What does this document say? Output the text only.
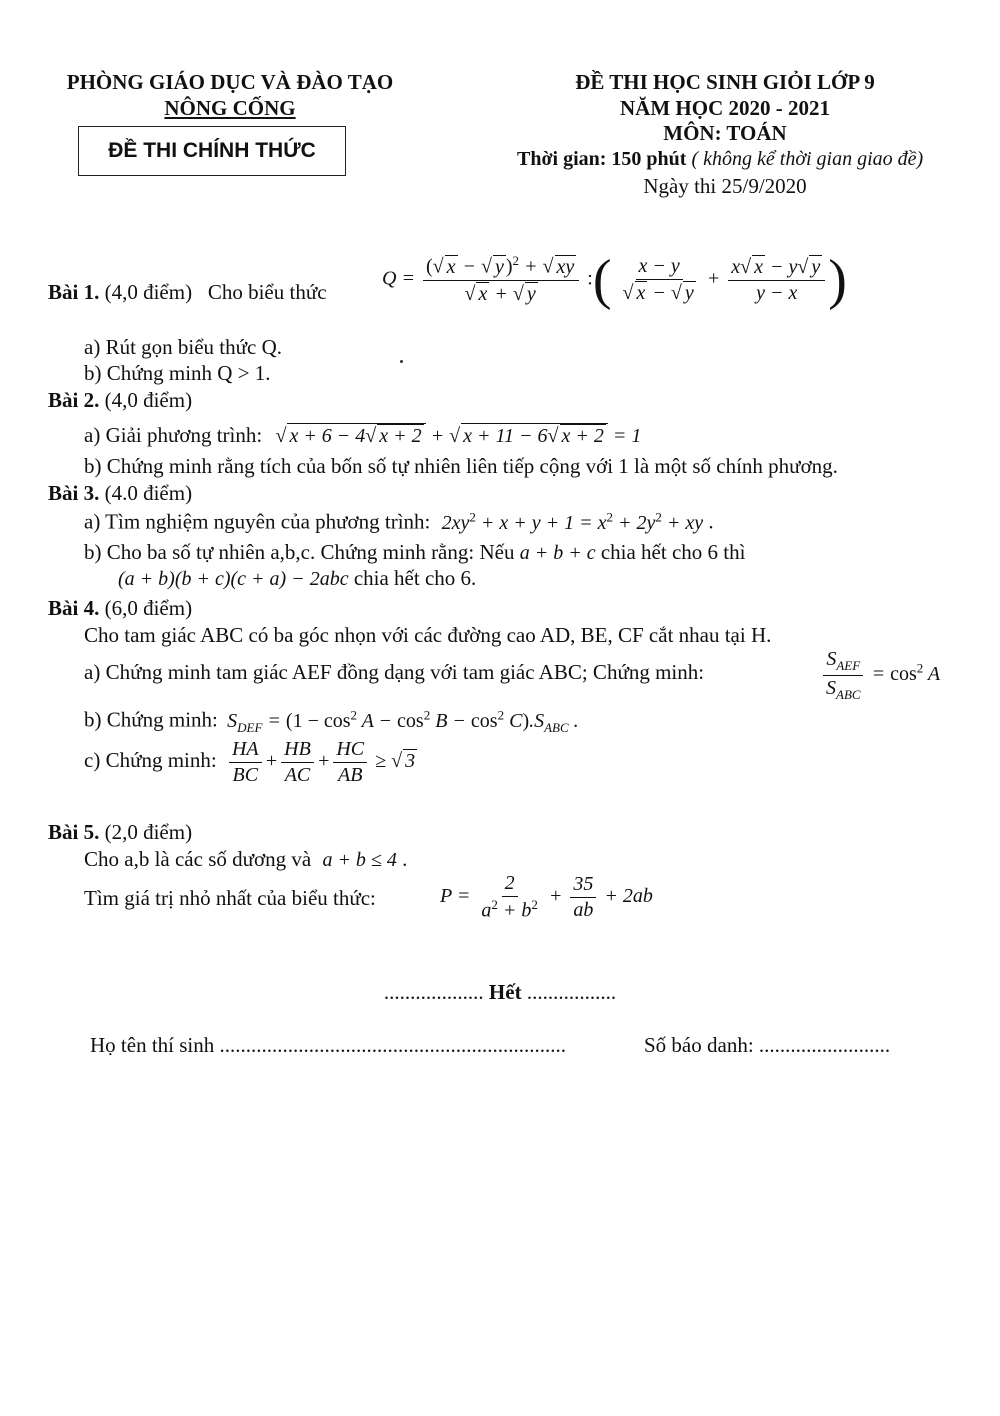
PHÒNG GIÁO DỤC VÀ ĐÀO TẠO
NÔNG CỐNG
ĐỀ THI CHÍNH THỨC
ĐỀ THI HỌC SINH GIỎI LỚP 9
NĂM HỌC 2020 - 2021
MÔN: TOÁN
Thời gian: 150 phút ( không kể thời gian giao đề)
Ngày thi 25/9/2020
Bài 1. (4,0 điểm) Cho biểu thức
$Q = \frac{(√ x - √ y )^2 + √ xy}{√ x + √ y}$ :( $\frac{x - y}{√ x - √ y} + \frac{x√ x - y√ y}{y - x}$ )
a) Rút gọn biểu thức Q.
b) Chứng minh Q > 1.
Bài 2. (4,0 điểm)
a) Giải phương trình: √ x + 6 − 4√ x + 2 + √ x + 11 − 6√ x + 2 = 1
b) Chứng minh rằng tích của bốn số tự nhiên liên tiếp cộng với 1 là một số chính phương.
Bài 3. (4.0 điểm)
a) Tìm nghiệm nguyên của phương trình: $2xy^2 + x + y + 1 = x^2 + 2y^2$ + xy .
b) Cho ba số tự nhiên a,b,c. Chứng minh rằng: Nếu a + b + c chia hết cho 6 thì
(a + b)(b + c)(c + a) − 2abc chia hết cho 6.
Bài 4. (6,0 điểm)
Cho tam giác ABC có ba góc nhọn với các đường cao AD, BE, CF cắt nhau tại H.
a) Chứng minh tam giác AEF đồng dạng với tam giác ABC; Chứng minh:	$\frac{S_{AEF}}{S_{ABC}} = \cos^2 A$
b) Chứng minh: $S_{DEF} = (1 - \cos^2 A - \cos^2 B - \cos^2 C).S_{ABC}$ .
c) Chứng minh: $\frac{HA}{BC} + \frac{HB}{AC} + \frac{HC}{AB}$ ≥ √ 3
Bài 5. (2,0 điểm)
Cho a,b là các số dương và a + b ≤ 4 .
Tìm giá trị nhỏ nhất của biểu thức:	$P = \frac{2}{a^2 + b^2} + \frac{35}{ab} + 2ab$
................... Hết .................
Họ tên thí sinh ..................................................................	Số báo danh: .........................
